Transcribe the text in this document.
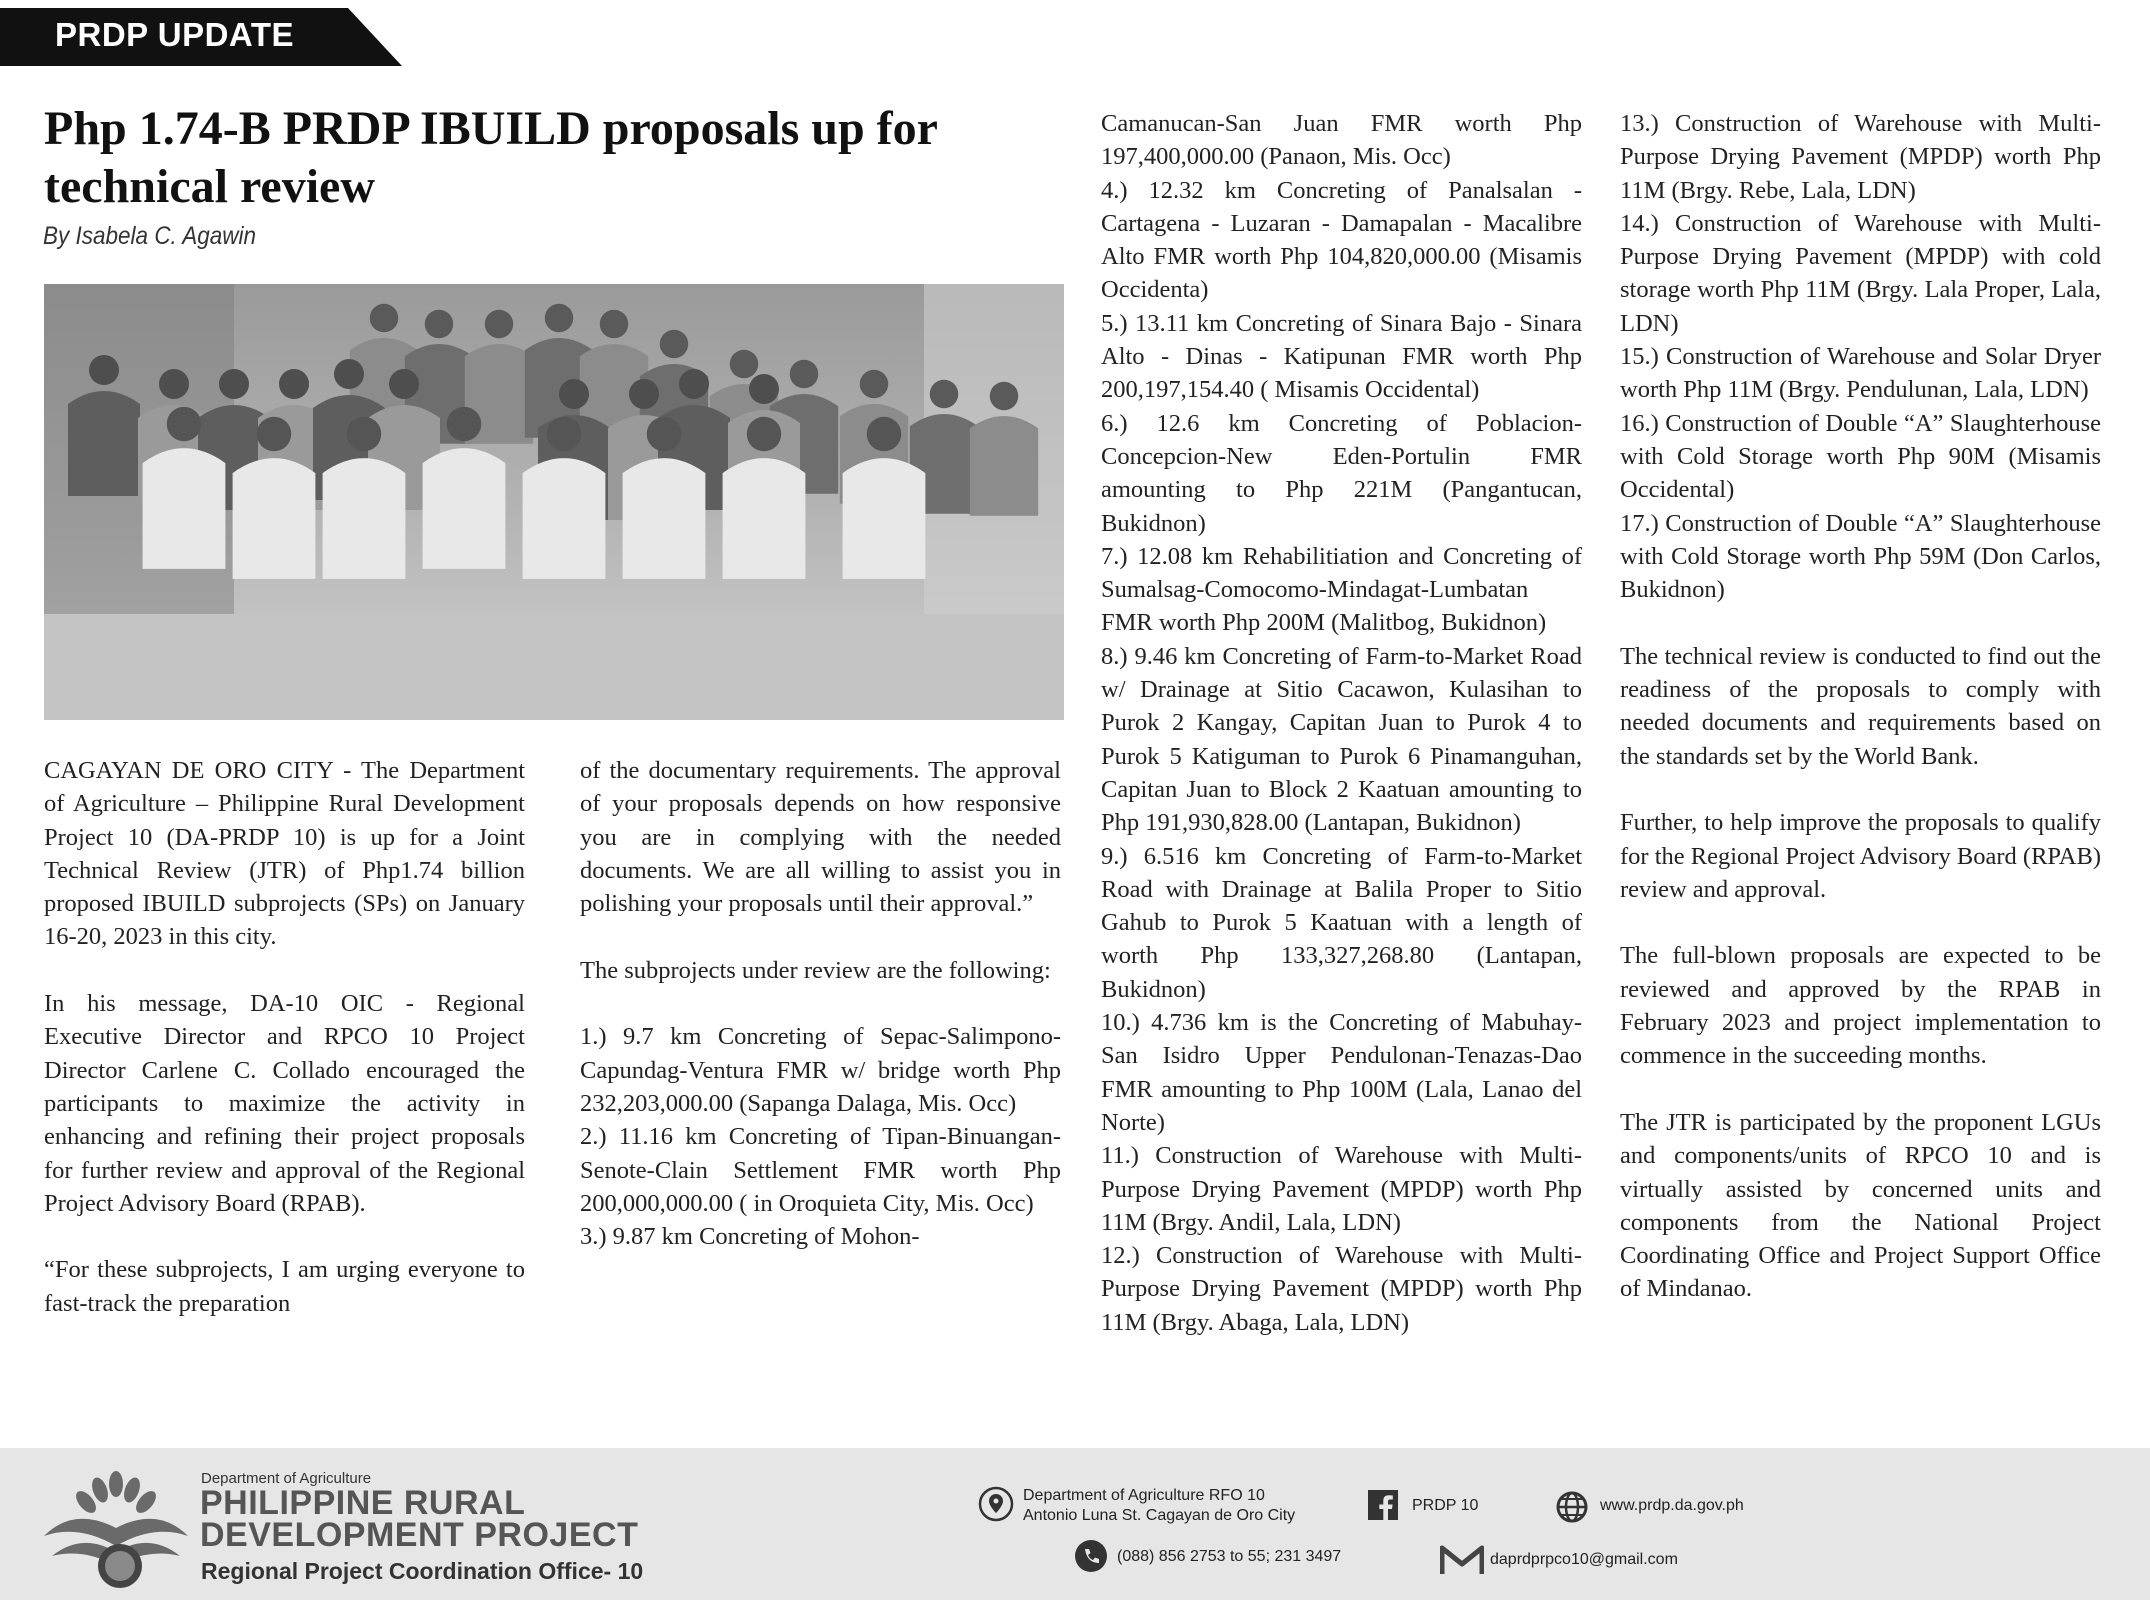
PRDP UPDATE
Php 1.74-B PRDP IBUILD proposals up for
technical review
By Isabela C. Agawin

CAGAYAN DE ORO CITY - The Department of Agriculture – Philippine Rural Development Project 10 (DA-PRDP 10) is up for a Joint Technical Review (JTR) of Php1.74 billion proposed IBUILD subprojects (SPs) on January 16-20, 2023 in this city.

In his message, DA-10 OIC - Regional Executive Director and RPCO 10 Project Director Carlene C. Collado encouraged the participants to maximize the activity in enhancing and refining their project proposals for further review and approval of the Regional Project Advisory Board (RPAB).

“For these subprojects, I am urging everyone to fast-track the preparation

of the documentary requirements. The approval of your proposals depends on how responsive you are in complying with the needed documents. We are all willing to assist you in polishing your proposals until their approval.”

The subprojects under review are the following:

1.) 9.7 km Concreting of Sepac-Salimpono-Capundag-Ventura FMR w/ bridge worth Php 232,203,000.00 (Sapanga Dalaga, Mis. Occ)

2.) 11.16 km Concreting of Tipan-Binuangan-Senote-Clain Settlement FMR worth Php 200,000,000.00 ( in Oroquieta City, Mis. Occ)

3.) 9.87 km Concreting of Mohon-

Camanucan-San Juan FMR worth Php 197,400,000.00 (Panaon, Mis. Occ)

4.) 12.32 km Concreting of Panalsalan - Cartagena - Luzaran - Damapalan - Macalibre Alto FMR worth Php 104,820,000.00 (Misamis Occidenta)

5.) 13.11 km Concreting of Sinara Bajo - Sinara Alto - Dinas - Katipunan FMR worth Php 200,197,154.40 ( Misamis Occidental)

6.) 12.6 km Concreting of Poblacion-Concepcion-New Eden-Portulin FMR amounting to Php 221M (Pangantucan, Bukidnon)

7.) 12.08 km Rehabilitiation and Concreting of Sumalsag-Comocomo-Mindagat-Lumbatan FMR worth Php 200M (Malitbog, Bukidnon)

8.) 9.46 km Concreting of Farm-to-Market Road w/ Drainage at Sitio Cacawon, Kulasihan to Purok 2 Kangay, Capitan Juan to Purok 4 to Purok 5 Katiguman to Purok 6 Pinamanguhan, Capitan Juan to Block 2 Kaatuan amounting to Php 191,930,828.00 (Lantapan, Bukidnon)

9.) 6.516 km Concreting of Farm-to-Market Road with Drainage at Balila Proper to Sitio Gahub to Purok 5 Kaatuan with a length of worth Php 133,327,268.80 (Lantapan, Bukidnon)

10.) 4.736 km is the Concreting of Mabuhay-San Isidro Upper Pendulonan-Tenazas-Dao FMR amounting to Php 100M (Lala, Lanao del Norte)

11.) Construction of Warehouse with Multi-Purpose Drying Pavement (MPDP) worth Php 11M (Brgy. Andil, Lala, LDN)

12.) Construction of Warehouse with Multi-Purpose Drying Pavement (MPDP) worth Php 11M (Brgy. Abaga, Lala, LDN)

13.) Construction of Warehouse with Multi-Purpose Drying Pavement (MPDP) worth Php 11M (Brgy. Rebe, Lala, LDN)

14.) Construction of Warehouse with Multi-Purpose Drying Pavement (MPDP) with cold storage worth Php 11M (Brgy. Lala Proper, Lala, LDN)

15.) Construction of Warehouse and Solar Dryer worth Php 11M (Brgy. Pendulunan, Lala, LDN)

16.) Construction of Double “A” Slaughterhouse with Cold Storage worth Php 90M (Misamis Occidental)

17.) Construction of Double “A” Slaughterhouse with Cold Storage worth Php 59M (Don Carlos, Bukidnon)

The technical review is conducted to find out the readiness of the proposals to comply with needed documents and requirements based on the standards set by the World Bank.

Further, to help improve the proposals to qualify for the Regional Project Advisory Board (RPAB) review and approval.

The full-blown proposals are expected to be reviewed and approved by the RPAB in February 2023 and project implementation to commence in the succeeding months.

The JTR is participated by the proponent LGUs and components/units of RPCO 10 and is virtually assisted by concerned units and components from the National Project Coordinating Office and Project Support Office of Mindanao.

Department of Agriculture
PHILIPPINE RURAL
DEVELOPMENT PROJECT
Regional Project Coordination Office- 10
Department of Agriculture RFO 10
Antonio Luna St. Cagayan de Oro City
(088) 856 2753 to 55; 231 3497
PRDP 10	www.prdp.da.gov.ph
daprdprpco10@gmail.com
